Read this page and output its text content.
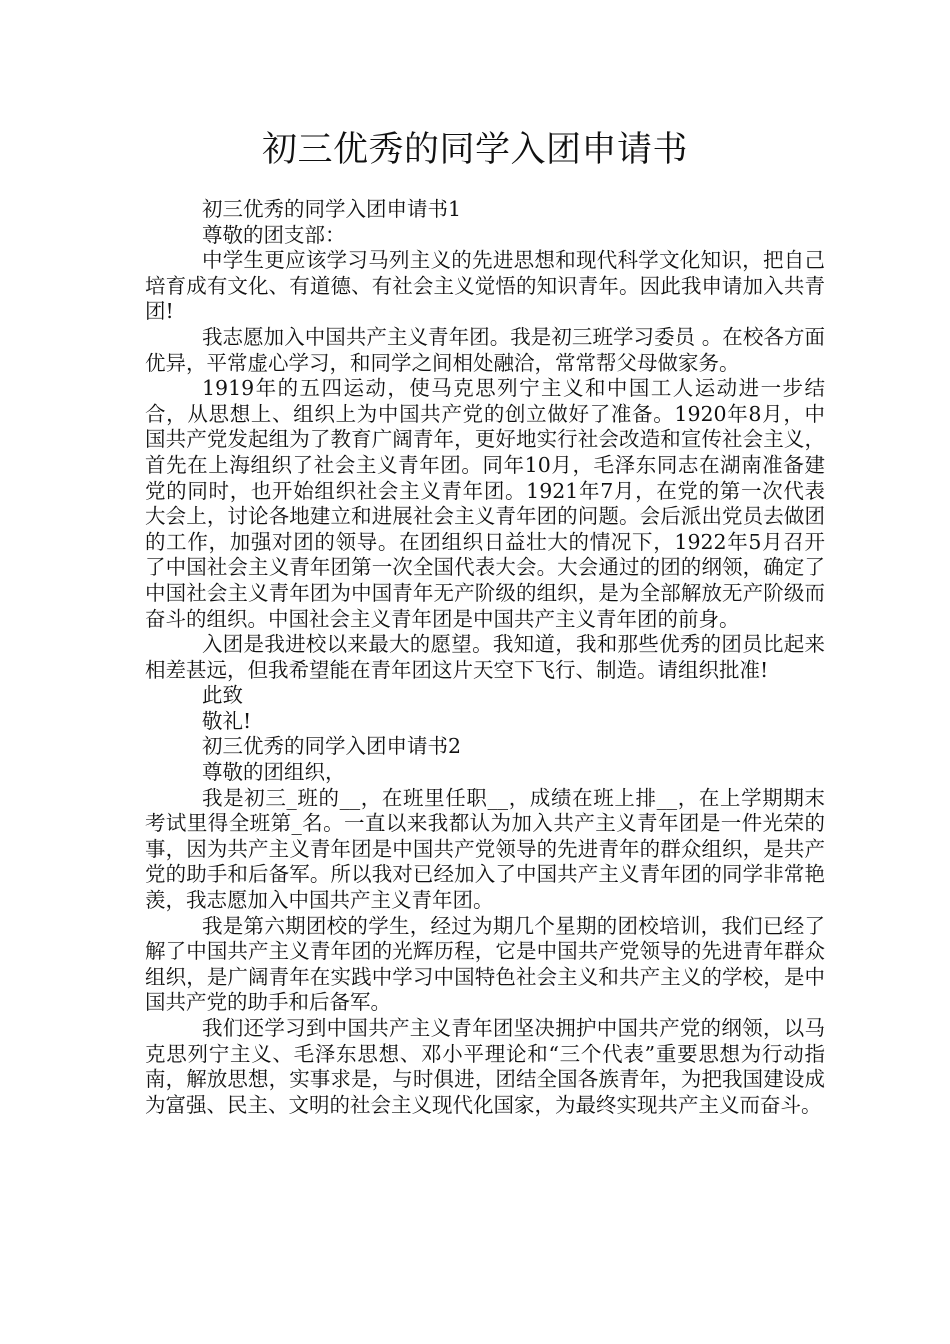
初三优秀的同学入团申请书

初三优秀的同学入团申请书1

尊敬的团支部：

中学生更应该学习马列主义的先进思想和现代科学文化知识，把自己培育成有文化、有道德、有社会主义觉悟的知识青年。因此我申请加入共青团!

我志愿加入中国共产主义青年团。我是初三班学习委员 。在校各方面优异，平常虚心学习，和同学之间相处融洽，常常帮父母做家务。

1919年的五四运动，使马克思列宁主义和中国工人运动进一步结合，从思想上、组织上为中国共产党的创立做好了准备。1920年8月，中国共产党发起组为了教育广阔青年，更好地实行社会改造和宣传社会主义，首先在上海组织了社会主义青年团。同年10月，毛泽东同志在湖南准备建党的同时，也开始组织社会主义青年团。1921年7月，在党的第一次代表大会上，讨论各地建立和进展社会主义青年团的问题。会后派出党员去做团的工作，加强对团的领导。在团组织日益壮大的情况下，1922年5月召开了中国社会主义青年团第一次全国代表大会。大会通过的团的纲领，确定了中国社会主义青年团为中国青年无产阶级的组织，是为全部解放无产阶级而奋斗的组织。中国社会主义青年团是中国共产主义青年团的前身。

入团是我进校以来最大的愿望。我知道，我和那些优秀的团员比起来相差甚远，但我希望能在青年团这片天空下飞行、制造。请组织批准!

此致

敬礼!

初三优秀的同学入团申请书2

尊敬的团组织，

我是初三_班的__，在班里任职__，成绩在班上排__，在上学期期末考试里得全班第_名。一直以来我都认为加入共产主义青年团是一件光荣的事，因为共产主义青年团是中国共产党领导的先进青年的群众组织，是共产党的助手和后备军。所以我对已经加入了中国共产主义青年团的同学非常艳羡，我志愿加入中国共产主义青年团。

我是第六期团校的学生，经过为期几个星期的团校培训，我们已经了解了中国共产主义青年团的光辉历程，它是中国共产党领导的先进青年群众组织，是广阔青年在实践中学习中国特色社会主义和共产主义的学校，是中国共产党的助手和后备军。

我们还学习到中国共产主义青年团坚决拥护中国共产党的纲领，以马克思列宁主义、毛泽东思想、邓小平理论和“三个代表”重要思想为行动指南，解放思想，实事求是，与时俱进，团结全国各族青年，为把我国建设成为富强、民主、文明的社会主义现代化国家，为最终实现共产主义而奋斗。
